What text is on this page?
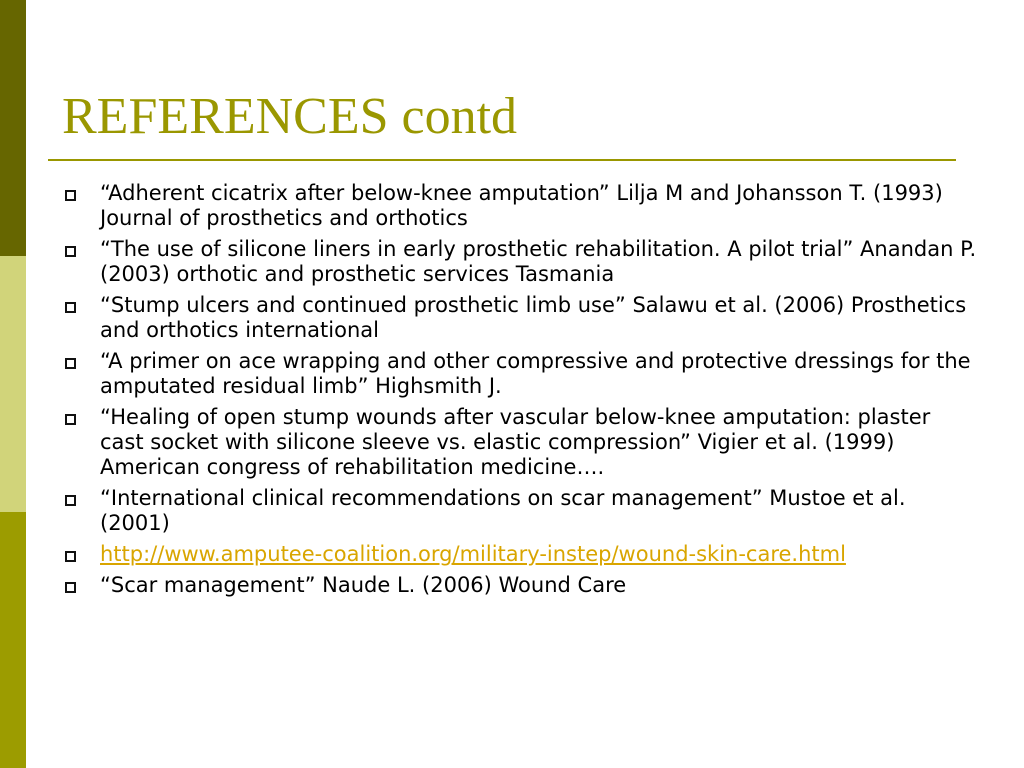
REFERENCES contd
“Adherent cicatrix after below-knee amputation” Lilja M and Johansson T. (1993) Journal of prosthetics and orthotics
“The use of silicone liners in early prosthetic rehabilitation. A pilot trial” Anandan P. (2003) orthotic and prosthetic services Tasmania
“Stump ulcers and continued prosthetic limb use” Salawu et al. (2006) Prosthetics and orthotics international
“A primer on ace wrapping and other compressive and protective dressings for the amputated residual limb” Highsmith J.
“Healing of open stump wounds after vascular below-knee amputation: plaster cast socket with silicone sleeve vs. elastic compression” Vigier et al. (1999) American congress of rehabilitation medicine….
“International clinical recommendations on scar management” Mustoe et al. (2001)
http://www.amputee-coalition.org/military-instep/wound-skin-care.html
“Scar management” Naude L. (2006) Wound Care
